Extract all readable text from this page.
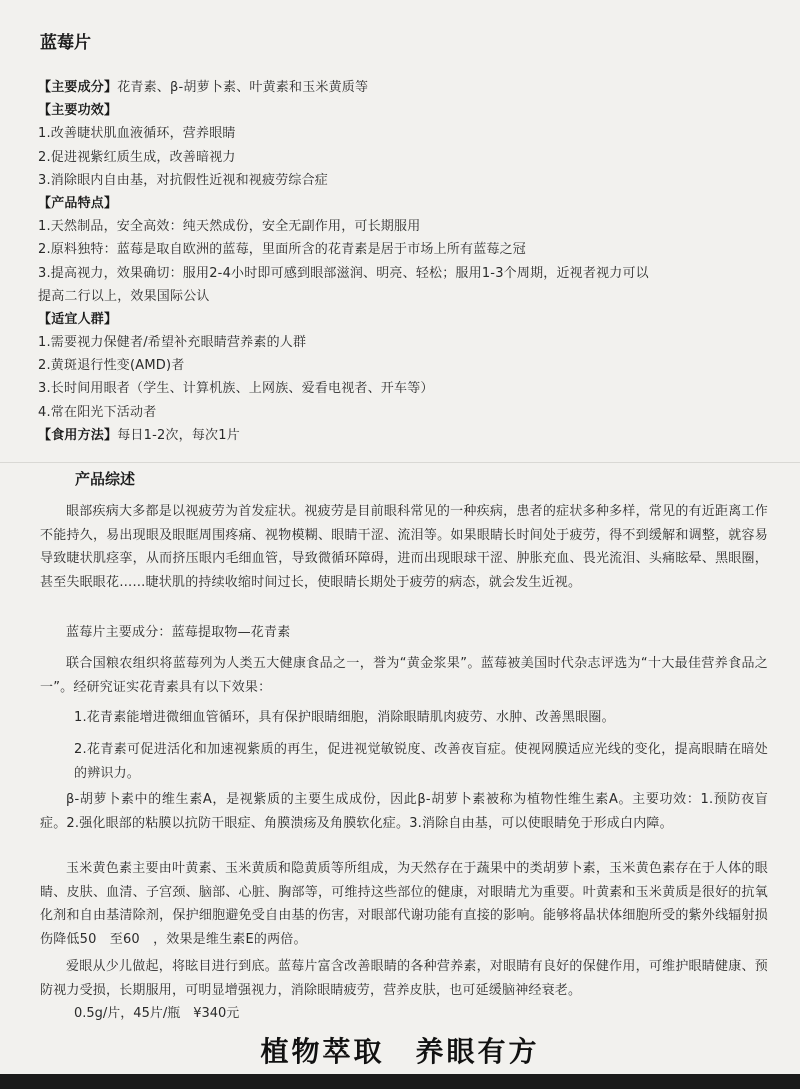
蓝莓片
【主要成分】花青素、β-胡萝卜素、叶黄素和玉米黄质等
【主要功效】
1.改善睫状肌血液循环，营养眼睛
2.促进视紫红质生成，改善暗视力
3.消除眼内自由基，对抗假性近视和视疲劳综合症
【产品特点】
1.天然制品，安全高效：纯天然成份，安全无副作用，可长期服用
2.原料独特：蓝莓是取自欧洲的蓝莓，里面所含的花青素是居于市场上所有蓝莓之冠
3.提高视力，效果确切：服用2-4小时即可感到眼部滋润、明亮、轻松；服用1-3个周期，近视者视力可以
提高二行以上，效果国际公认
【适宜人群】
1.需要视力保健者/希望补充眼睛营养素的人群
2.黄斑退行性变(AMD)者
3.长时间用眼者（学生、计算机族、上网族、爱看电视者、开车等）
4.常在阳光下活动者
【食用方法】每日1-2次，每次1片
产品综述
眼部疾病大多都是以视疲劳为首发症状。视疲劳是目前眼科常见的一种疾病，患者的症状多种多样，常见的有近距离工作不能持久，易出现眼及眼眶周围疼痛、视物模糊、眼睛干涩、流泪等。如果眼睛长时间处于疲劳，得不到缓解和调整，就容易导致睫状肌痉挛，从而挤压眼内毛细血管，导致微循环障碍，进而出现眼球干涩、肿胀充血、畏光流泪、头痛眩晕、黑眼圈，甚至失眠眼花……睫状肌的持续收缩时间过长，使眼睛长期处于疲劳的病态，就会发生近视。
蓝莓片主要成分：蓝莓提取物—花青素
联合国粮农组织将蓝莓列为人类五大健康食品之一，誉为“黄金浆果”。蓝莓被美国时代杂志评选为“十大最佳营养食品之一”。经研究证实花青素具有以下效果：
1.花青素能增进微细血管循环，具有保护眼睛细胞，消除眼睛肌肉疲劳、水肿、改善黑眼圈。
2.花青素可促进活化和加速视紫质的再生，促进视觉敏锐度、改善夜盲症。使视网膜适应光线的变化，提高眼睛在暗处的辨识力。
β-胡萝卜素中的维生素A，是视紫质的主要生成成份，因此β-胡萝卜素被称为植物性维生素A。主要功效：1.预防夜盲症。2.强化眼部的粘膜以抗防干眼症、角膜溃疡及角膜软化症。3.消除自由基，可以使眼睛免于形成白内障。
玉米黄色素主要由叶黄素、玉米黄质和隐黄质等所组成，为天然存在于蔬果中的类胡萝卜素，玉米黄色素存在于人体的眼睛、皮肤、血清、子宫颈、脑部、心脏、胸部等，可维持这些部位的健康，对眼睛尤为重要。叶黄素和玉米黄质是很好的抗氧化剂和自由基清除剂，保护细胞避免受自由基的伤害，对眼部代谢功能有直接的影响。能够将晶状体细胞所受的紫外线辐射损伤降低50　至60　，效果是维生素E的两倍。
爱眼从少儿做起，将眩目进行到底。蓝莓片富含改善眼睛的各种营养素，对眼睛有良好的保健作用，可维护眼睛健康、预防视力受损，长期服用，可明显增强视力，消除眼睛疲劳，营养皮肤，也可延缓脑神经衰老。
0.5g/片，45片/瓶　¥340元
植物萃取　养眼有方
